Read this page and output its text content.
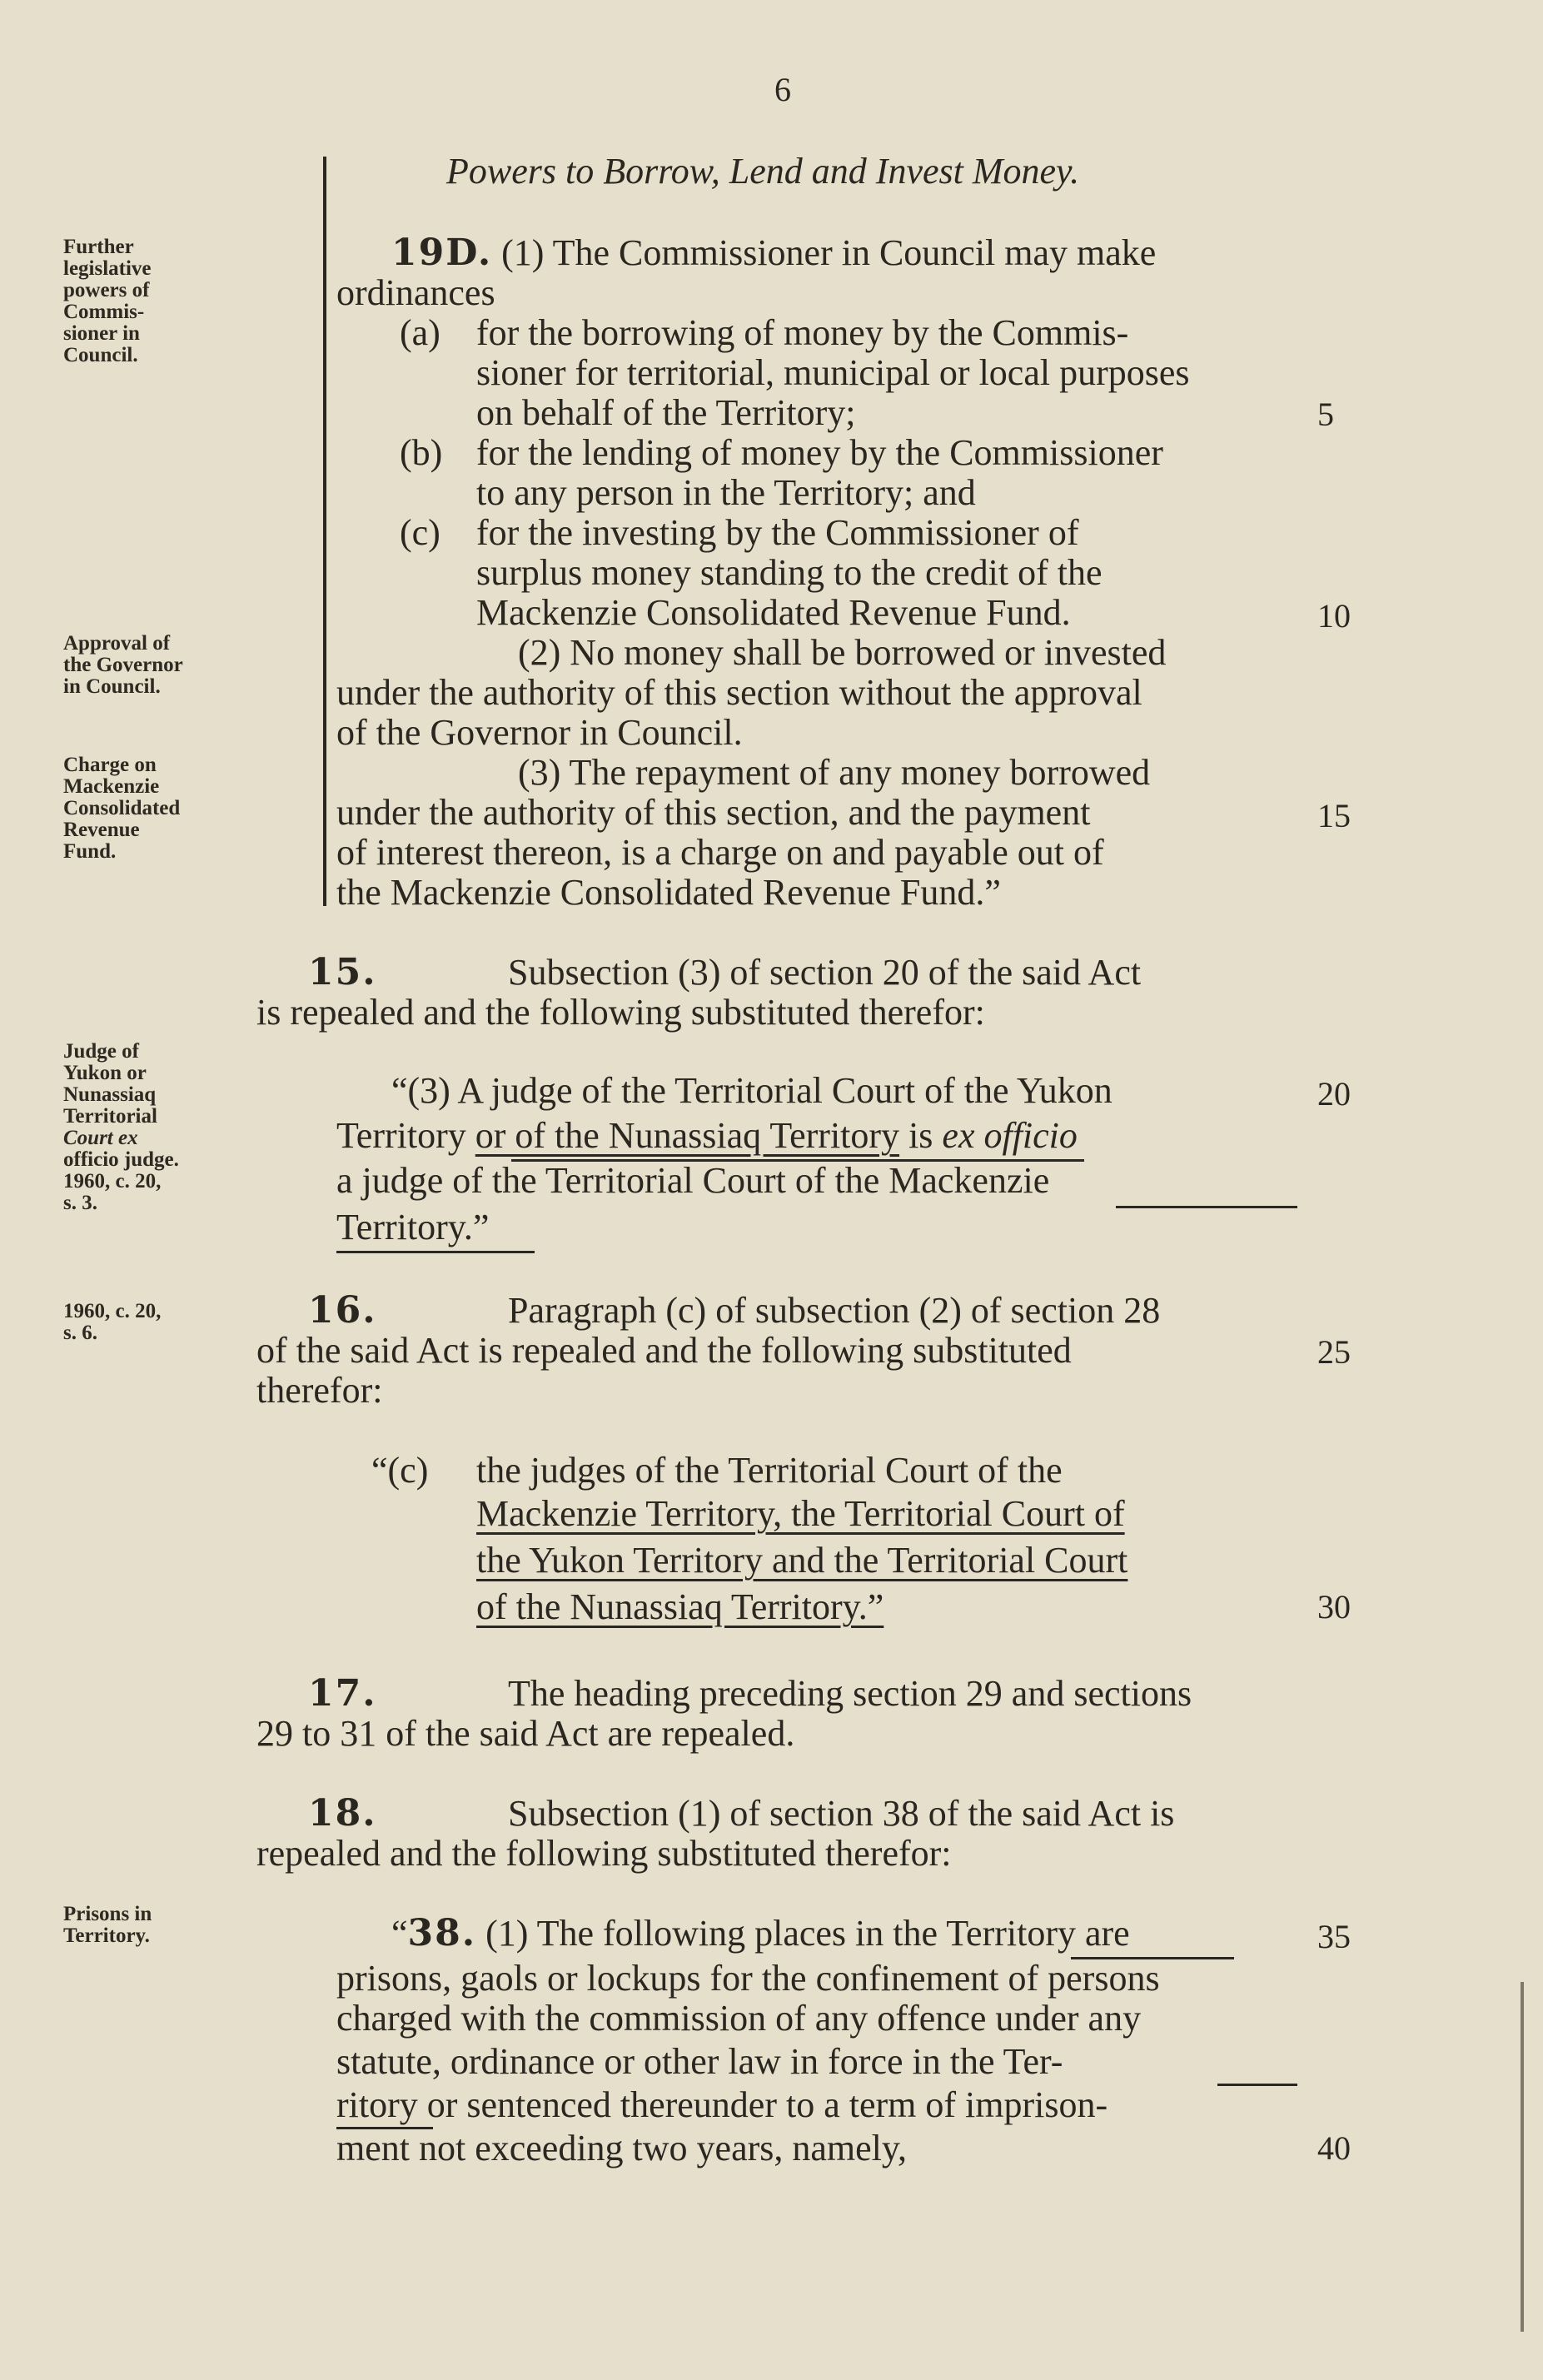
6
Powers to Borrow, Lend and Invest Money.
Further
legislative
powers of
Commis-
sioner in
Council.
Approval of
the Governor
in Council.
Charge on
Mackenzie
Consolidated
Revenue
Fund.
Judge of
Yukon or
Nunassiaq
Territorial
Court ex
officio judge.
1960, c. 20,
s. 3.
1960, c. 20,
s. 6.
Prisons in
Territory.
5
10
15
20
25
30
35
40
19D. (1) The Commissioner in Council may make
ordinances
(a) for the borrowing of money by the Commis-
sioner for territorial, municipal or local purposes
on behalf of the Territory;
(b) for the lending of money by the Commissioner
to any person in the Territory; and
(c) for the investing by the Commissioner of
surplus money standing to the credit of the
Mackenzie Consolidated Revenue Fund.
(2) No money shall be borrowed or invested
under the authority of this section without the approval
of the Governor in Council.
(3) The repayment of any money borrowed
under the authority of this section, and the payment
of interest thereon, is a charge on and payable out of
the Mackenzie Consolidated Revenue Fund.”
15.	Subsection (3) of section 20 of the said Act
is repealed and the following substituted therefor:
“(3) A judge of the Territorial Court of the Yukon
Territory or of the Nunassiaq Territory is ex officio
a judge of the Territorial Court of the Mackenzie
Territory.”
16.	Paragraph (c) of subsection (2) of section 28
of the said Act is repealed and the following substituted
therefor:
“(c) the judges of the Territorial Court of the
Mackenzie Territory, the Territorial Court of
the Yukon Territory and the Territorial Court
of the Nunassiaq Territory.”
17.	The heading preceding section 29 and sections
29 to 31 of the said Act are repealed.
18.	Subsection (1) of section 38 of the said Act is
repealed and the following substituted therefor:
“38. (1) The following places in the Territory are
prisons, gaols or lockups for the confinement of persons
charged with the commission of any offence under any
statute, ordinance or other law in force in the Ter-
ritory or sentenced thereunder to a term of imprison-
ment not exceeding two years, namely,
